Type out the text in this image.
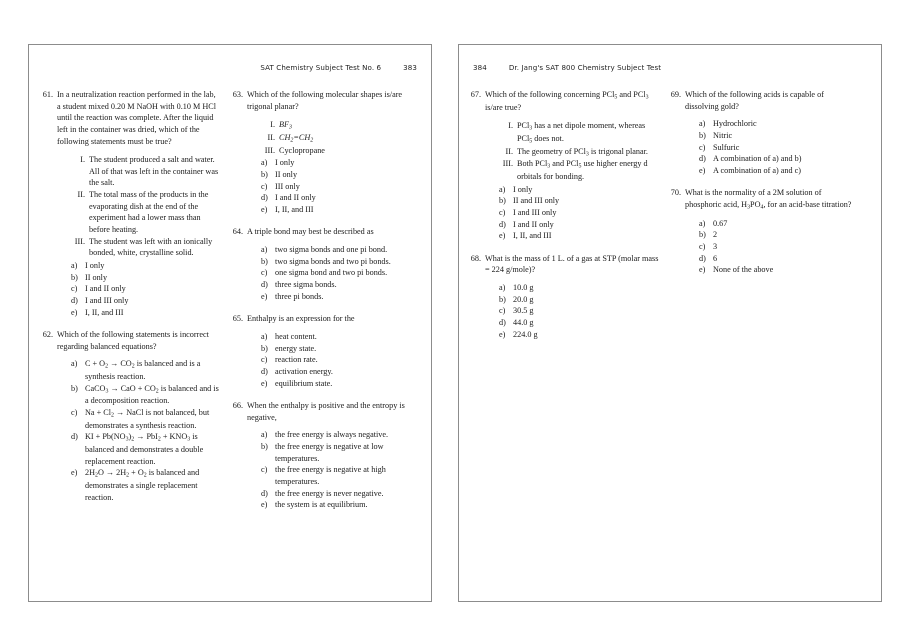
SAT Chemistry Subject Test No. 6	383
61. In a neutralization reaction performed in the lab, a student mixed 0.20 M NaOH with 0.10 M HCl until the reaction was complete. After the liquid left in the container was dried, which of the following statements must be true?

I. The student produced a salt and water. All of that was left in the container was the salt.
II. The total mass of the products in the evaporating dish at the end of the experiment had a lower mass than before heating.
III. The student was left with an ionically bonded, white, crystalline solid.
a) I only
b) II only
c) I and II only
d) I and III only
e) I, II, and III
62. Which of the following statements is incorrect regarding balanced equations?

a) $C + O_2 \to CO_2$ is balanced and is a synthesis reaction.
b) CaCO$_3$ → CaO + $CO_2$ is balanced and is a decomposition reaction.
c) $Na + Cl_2$ → NaCl is not balanced, but demonstrates a synthesis reaction.
d) KI + $Pb(NO_3)_2 \to PbI_2 + KNO_3$ is balanced and demonstrates a double replacement reaction.
e) $2H_2O \to 2H_2 + O_2$ is balanced and demonstrates a single replacement reaction.
63. Which of the following molecular shapes is/are trigonal planar?

I. $BF_3$
II. $CH_2=CH_2$
III. Cyclopropane
a) I only
b) II only
c) III only
d) I and II only
e) I, II, and III
64. A triple bond may best be described as

a) two sigma bonds and one pi bond.
b) two sigma bonds and two pi bonds.
c) one sigma bond and two pi bonds.
d) three sigma bonds.
e) three pi bonds.
65. Enthalpy is an expression for the

a) heat content.
b) energy state.
c) reaction rate.
d) activation energy.
e) equilibrium state.
66. When the enthalpy is positive and the entropy is negative,

a) the free energy is always negative.
b) the free energy is negative at low temperatures.
c) the free energy is negative at high temperatures.
d) the free energy is never negative.
e) the system is at equilibrium.
384	Dr. Jang's SAT 800 Chemistry Subject Test
67. Which of the following concerning PCl$_5$ and PCl$_3$ is/are true?

I. PCl$_3$ has a net dipole moment, whereas PCl$_5$ does not.
II. The geometry of PCl$_3$ is trigonal planar.
III. Both PCl$_3$ and PCl$_5$ use higher energy d orbitals for bonding.
a) I only
b) II and III only
c) I and III only
d) I and II only
e) I, II, and III
68. What is the mass of 1 L. of a gas at STP (molar mass = 224 g/mole)?

a) 10.0 g
b) 20.0 g
c) 30.5 g
d) 44.0 g
e) 224.0 g
69. Which of the following acids is capable of dissolving gold?

a) Hydrochloric
b) Nitric
c) Sulfuric
d) A combination of a) and b)
e) A combination of a) and c)
70. What is the normality of a 2M solution of phosphoric acid, $H_3PO_4$, for an acid-base titration?

a) 0.67
b) 2
c) 3
d) 6
e) None of the above
